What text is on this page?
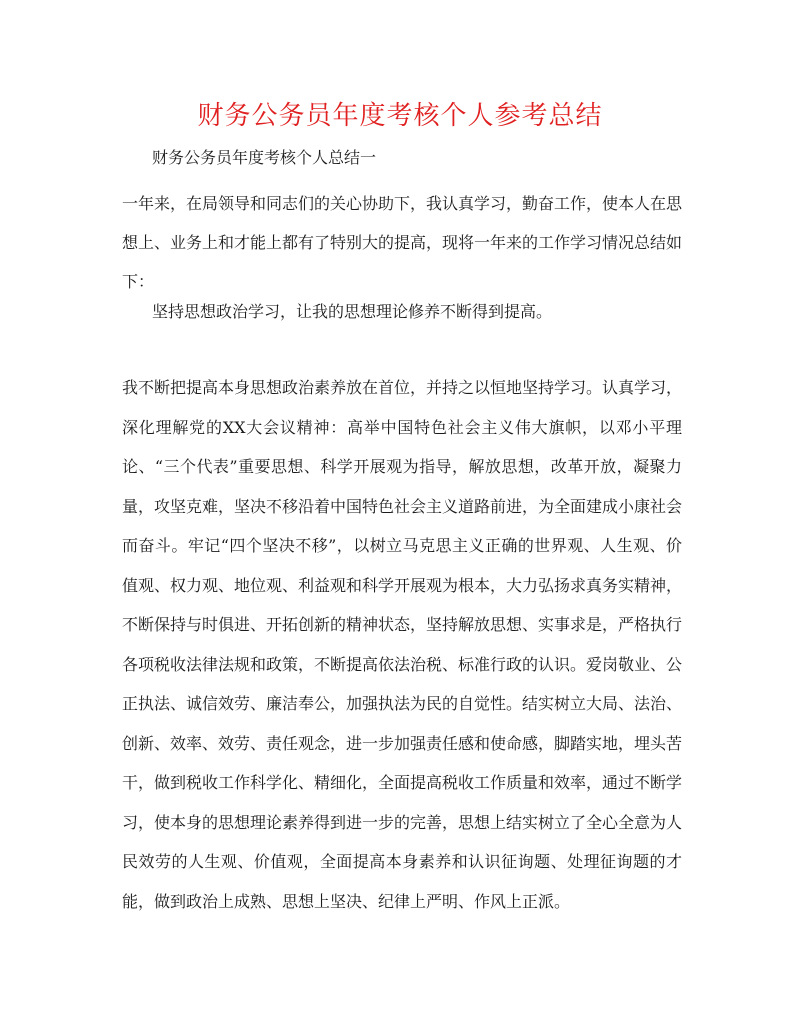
财务公务员年度考核个人参考总结
财务公务员年度考核个人总结一
一年来，在局领导和同志们的关心协助下，我认真学习，勤奋工作，使本人在思想上、业务上和才能上都有了特别大的提高，现将一年来的工作学习情况总结如下：
坚持思想政治学习，让我的思想理论修养不断得到提高。
我不断把提高本身思想政治素养放在首位，并持之以恒地坚持学习。认真学习，深化理解党的XX大会议精神：高举中国特色社会主义伟大旗帜，以邓小平理论、“三个代表”重要思想、科学开展观为指导，解放思想，改革开放，凝聚力量，攻坚克难，坚决不移沿着中国特色社会主义道路前进，为全面建成小康社会而奋斗。牢记“四个坚决不移”，以树立马克思主义正确的世界观、人生观、价值观、权力观、地位观、利益观和科学开展观为根本，大力弘扬求真务实精神，不断保持与时俱进、开拓创新的精神状态，坚持解放思想、实事求是，严格执行各项税收法律法规和政策，不断提高依法治税、标准行政的认识。爱岗敬业、公正执法、诚信效劳、廉洁奉公，加强执法为民的自觉性。结实树立大局、法治、创新、效率、效劳、责任观念，进一步加强责任感和使命感，脚踏实地，埋头苦干，做到税收工作科学化、精细化，全面提高税收工作质量和效率，通过不断学习，使本身的思想理论素养得到进一步的完善，思想上结实树立了全心全意为人民效劳的人生观、价值观，全面提高本身素养和认识征询题、处理征询题的才能，做到政治上成熟、思想上坚决、纪律上严明、作风上正派。
